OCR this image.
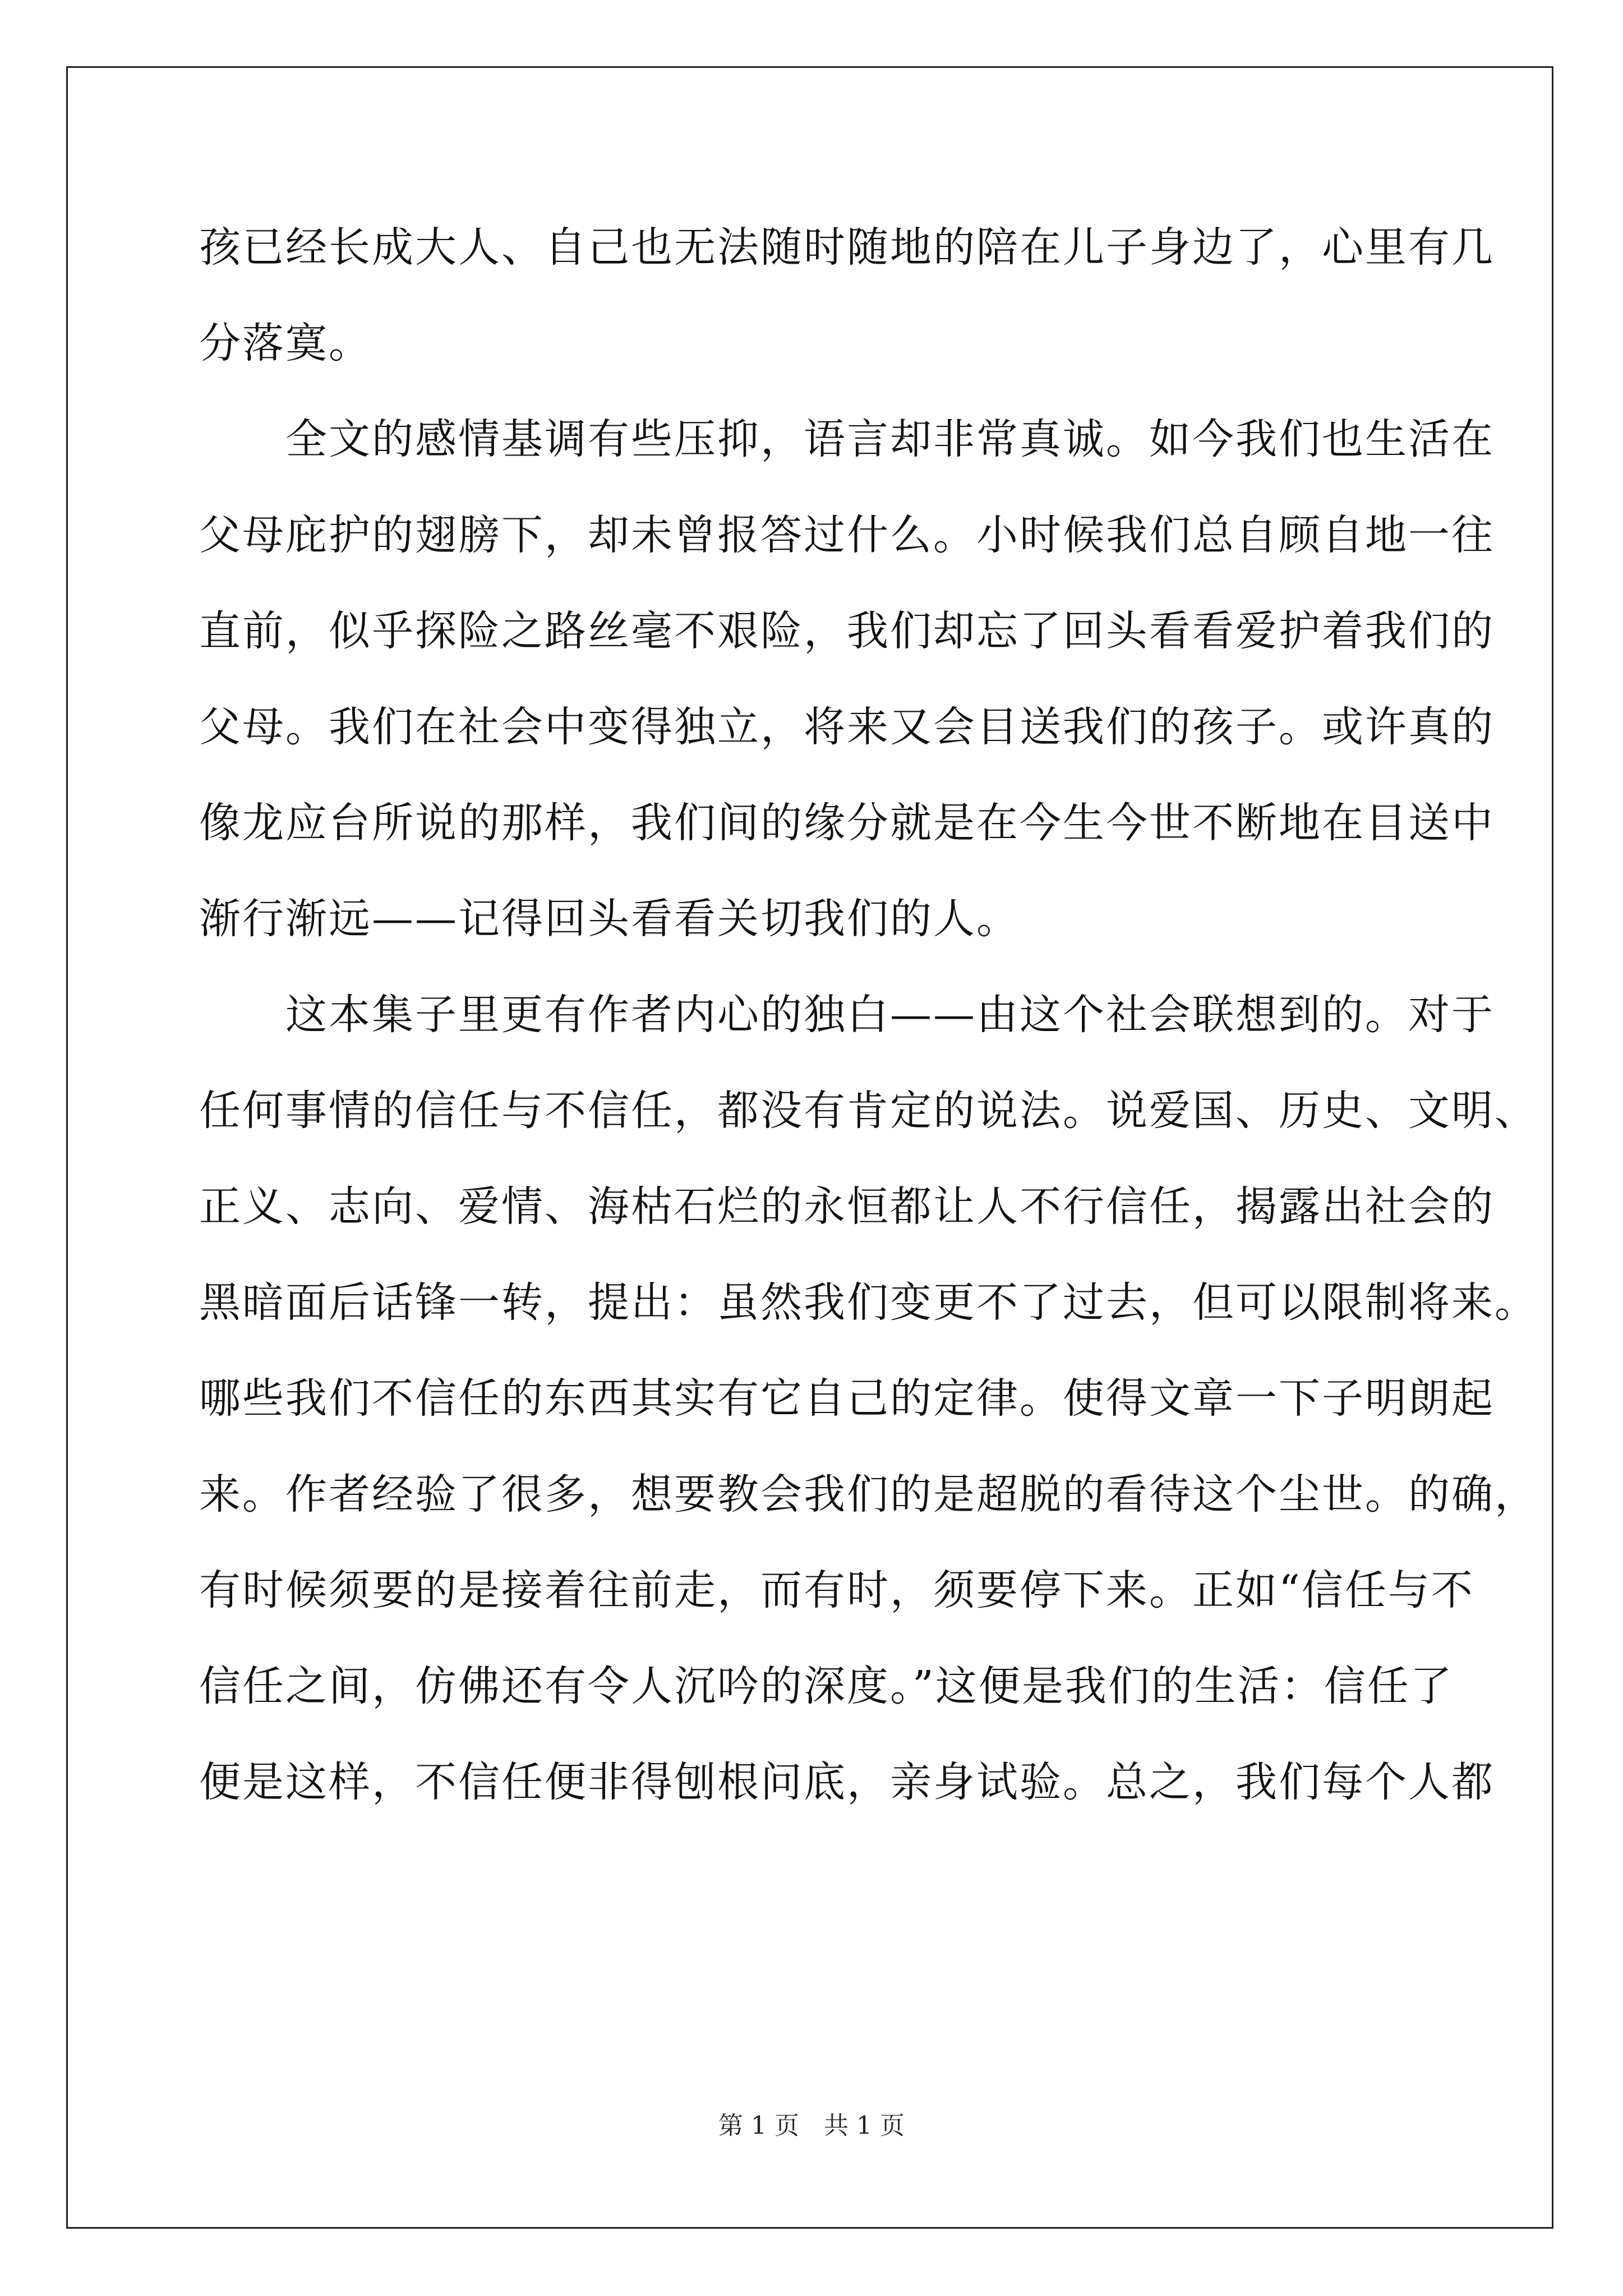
孩已经长成大人、自己也无法随时随地的陪在儿子身边了，心里有几
分落寞。
　　全文的感情基调有些压抑，语言却非常真诚。如今我们也生活在
父母庇护的翅膀下，却未曾报答过什么。小时候我们总自顾自地一往
直前，似乎探险之路丝毫不艰险，我们却忘了回头看看爱护着我们的
父母。我们在社会中变得独立，将来又会目送我们的孩子。或许真的
像龙应台所说的那样，我们间的缘分就是在今生今世不断地在目送中
渐行渐远——记得回头看看关切我们的人。
　　这本集子里更有作者内心的独白——由这个社会联想到的。对于
任何事情的信任与不信任，都没有肯定的说法。说爱国、历史、文明、
正义、志向、爱情、海枯石烂的永恒都让人不行信任，揭露出社会的
黑暗面后话锋一转，提出：虽然我们变更不了过去，但可以限制将来。
哪些我们不信任的东西其实有它自己的定律。使得文章一下子明朗起
来。作者经验了很多，想要教会我们的是超脱的看待这个尘世。的确，
有时候须要的是接着往前走，而有时，须要停下来。正如“信任与不
信任之间，仿佛还有令人沉吟的深度。”这便是我们的生活：信任了
便是这样，不信任便非得刨根问底，亲身试验。总之，我们每个人都
第 1 页　共 1 页
